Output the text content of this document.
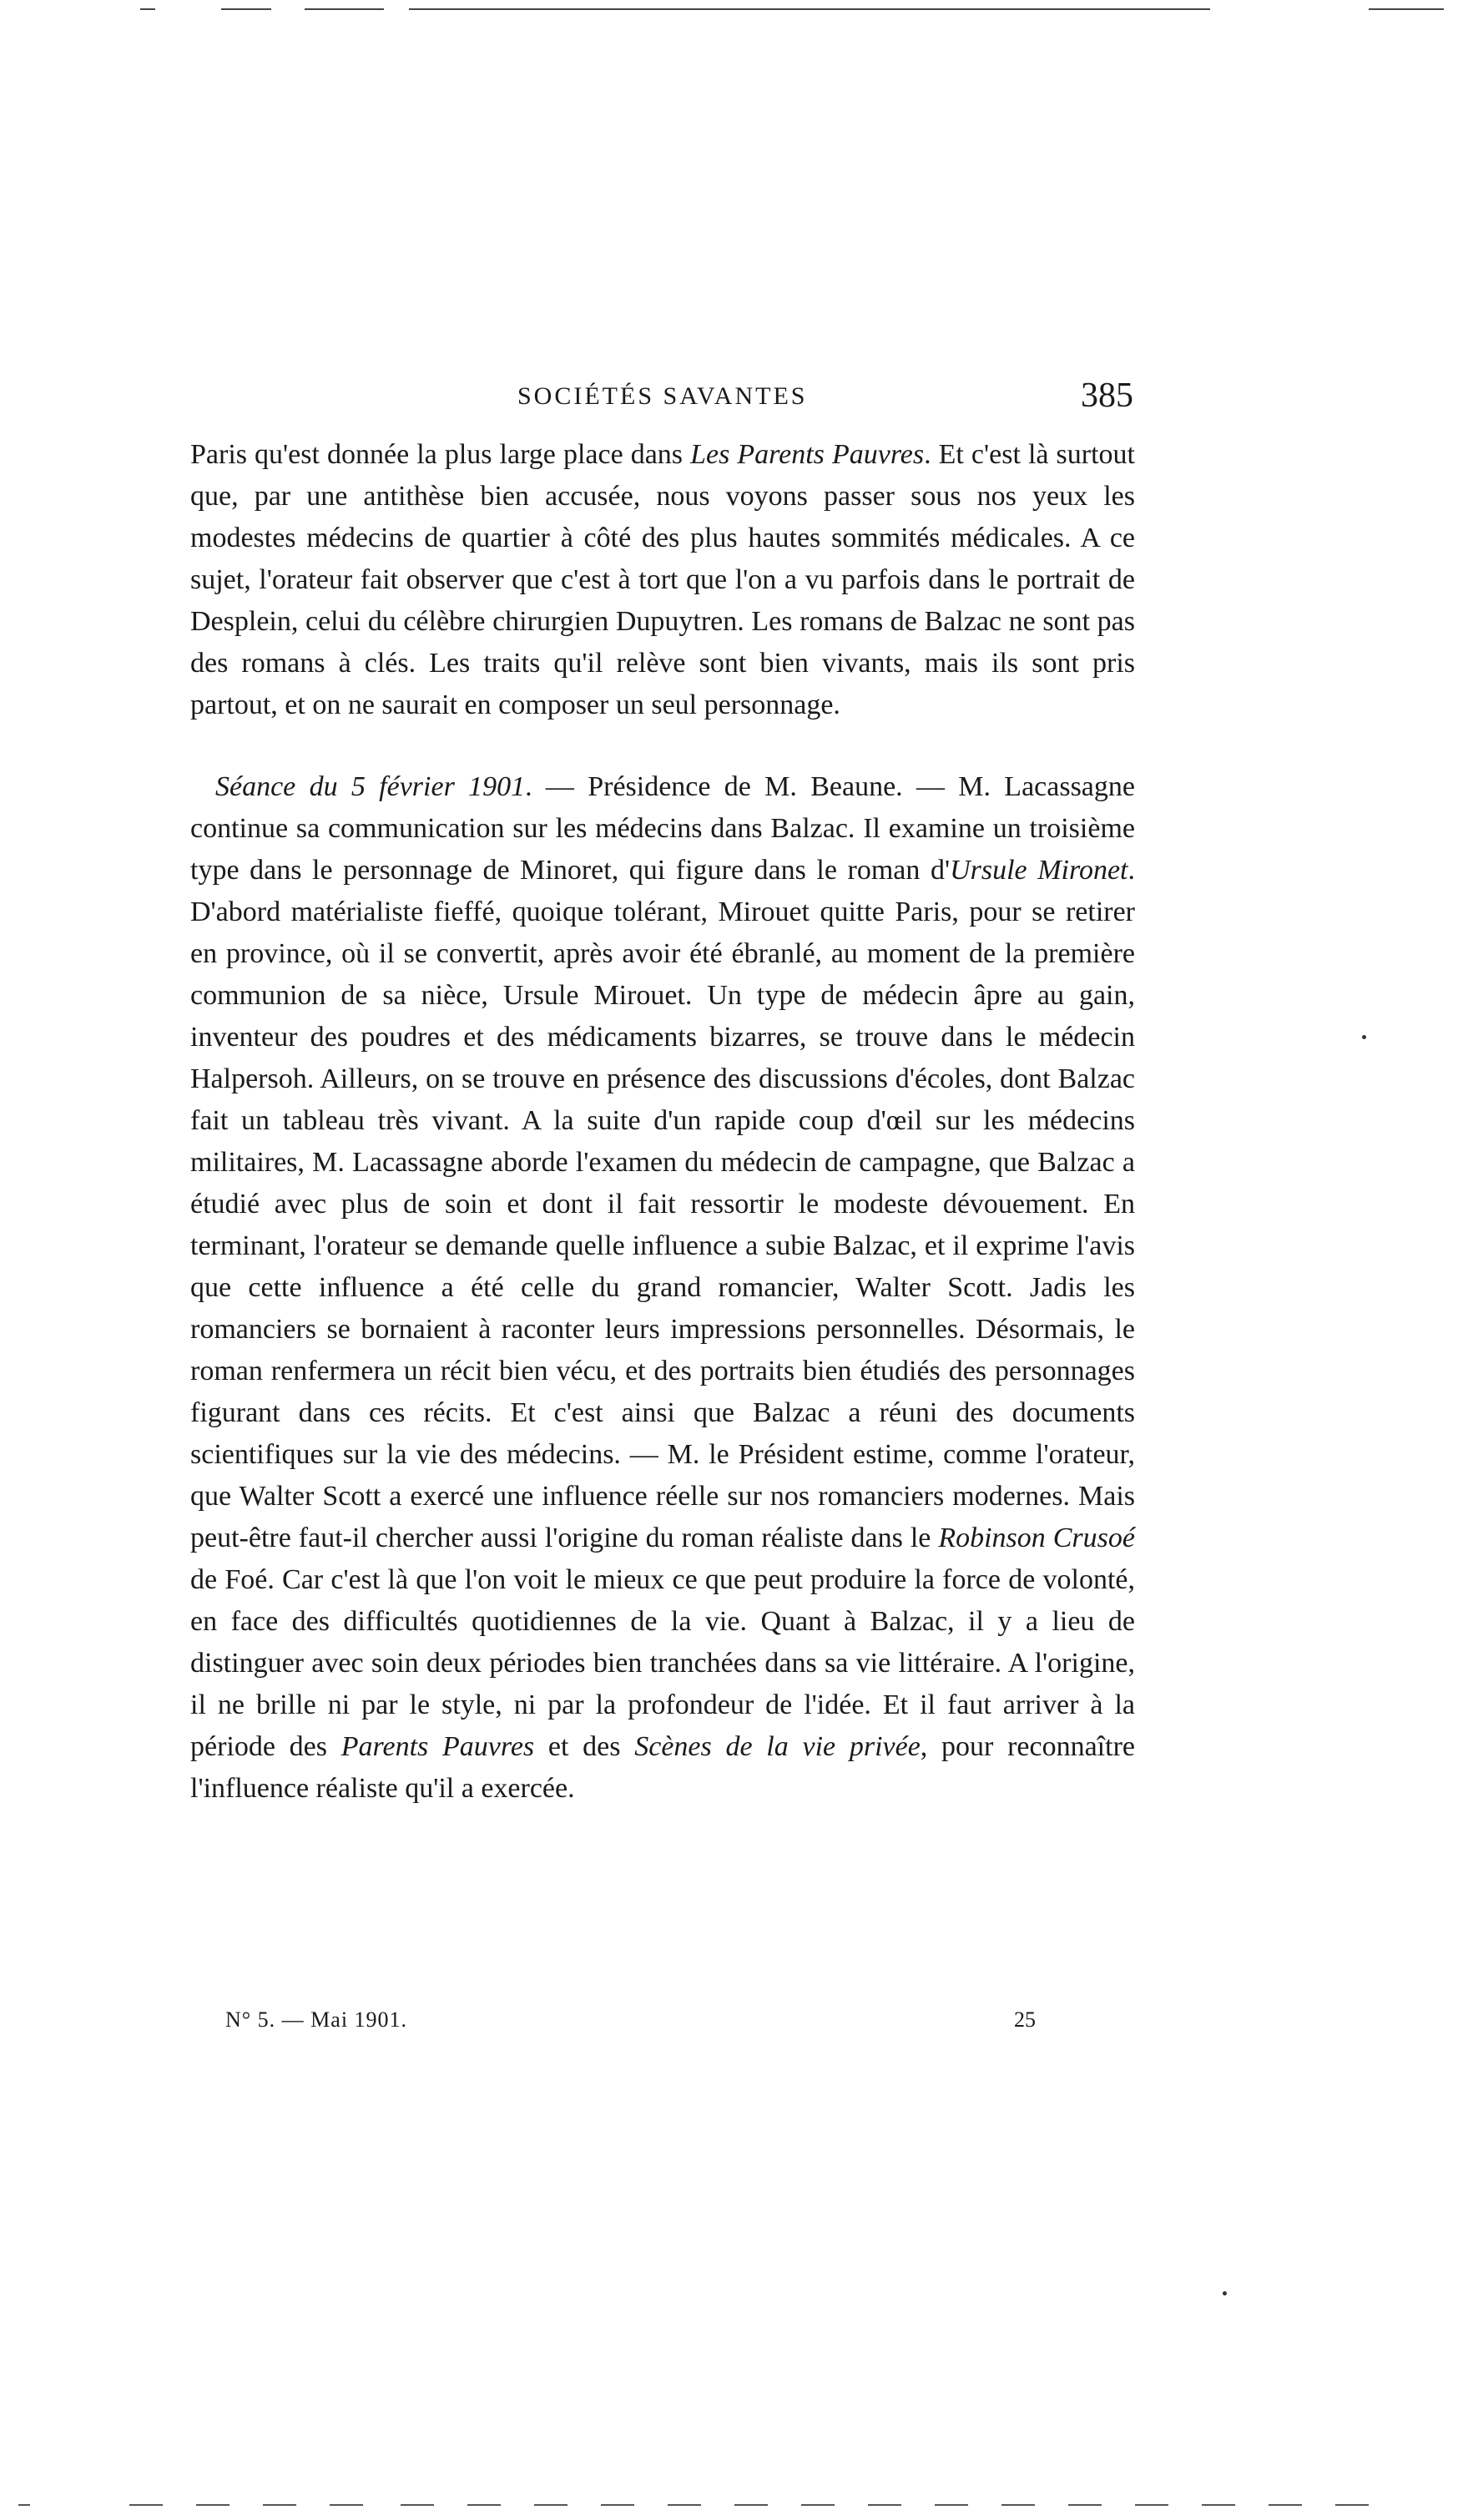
SOCIÉTÉS SAVANTES	385

Paris qu'est donnée la plus large place dans Les Parents Pauvres. Et c'est là surtout que, par une antithèse bien accusée, nous voyons passer sous nos yeux les modestes médecins de quartier à côté des plus hautes sommités médicales. A ce sujet, l'orateur fait observer que c'est à tort que l'on a vu parfois dans le portrait de Desplein, celui du célèbre chirurgien Dupuytren. Les romans de Balzac ne sont pas des romans à clés. Les traits qu'il relève sont bien vivants, mais ils sont pris partout, et on ne saurait en composer un seul personnage.

Séance du 5 février 1901. — Présidence de M. Beaune. — M. Lacassagne continue sa communication sur les médecins dans Balzac. Il examine un troisième type dans le personnage de Minoret, qui figure dans le roman d'Ursule Mironet. D'abord matérialiste fieffé, quoique tolérant, Mirouet quitte Paris, pour se retirer en province, où il se convertit, après avoir été ébranlé, au moment de la première communion de sa nièce, Ursule Mirouet. Un type de médecin âpre au gain, inventeur des poudres et des médicaments bizarres, se trouve dans le médecin Halpersoh. Ailleurs, on se trouve en présence des discussions d'écoles, dont Balzac fait un tableau très vivant. A la suite d'un rapide coup d'œil sur les médecins militaires, M. Lacassagne aborde l'examen du médecin de campagne, que Balzac a étudié avec plus de soin et dont il fait ressortir le modeste dévouement. En terminant, l'orateur se demande quelle influence a subie Balzac, et il exprime l'avis que cette influence a été celle du grand romancier, Walter Scott. Jadis les romanciers se bornaient à raconter leurs impressions personnelles. Désormais, le roman renfermera un récit bien vécu, et des portraits bien étudiés des personnages figurant dans ces récits. Et c'est ainsi que Balzac a réuni des documents scientifiques sur la vie des médecins. — M. le Président estime, comme l'orateur, que Walter Scott a exercé une influence réelle sur nos romanciers modernes. Mais peut-être faut-il chercher aussi l'origine du roman réaliste dans le Robinson Crusoé de Foé. Car c'est là que l'on voit le mieux ce que peut produire la force de volonté, en face des difficultés quotidiennes de la vie. Quant à Balzac, il y a lieu de distinguer avec soin deux périodes bien tranchées dans sa vie littéraire. A l'origine, il ne brille ni par le style, ni par la profondeur de l'idée. Et il faut arriver à la période des Parents Pauvres et des Scènes de la vie privée, pour reconnaître l'influence réaliste qu'il a exercée.

N° 5. — Mai 1901.	25
